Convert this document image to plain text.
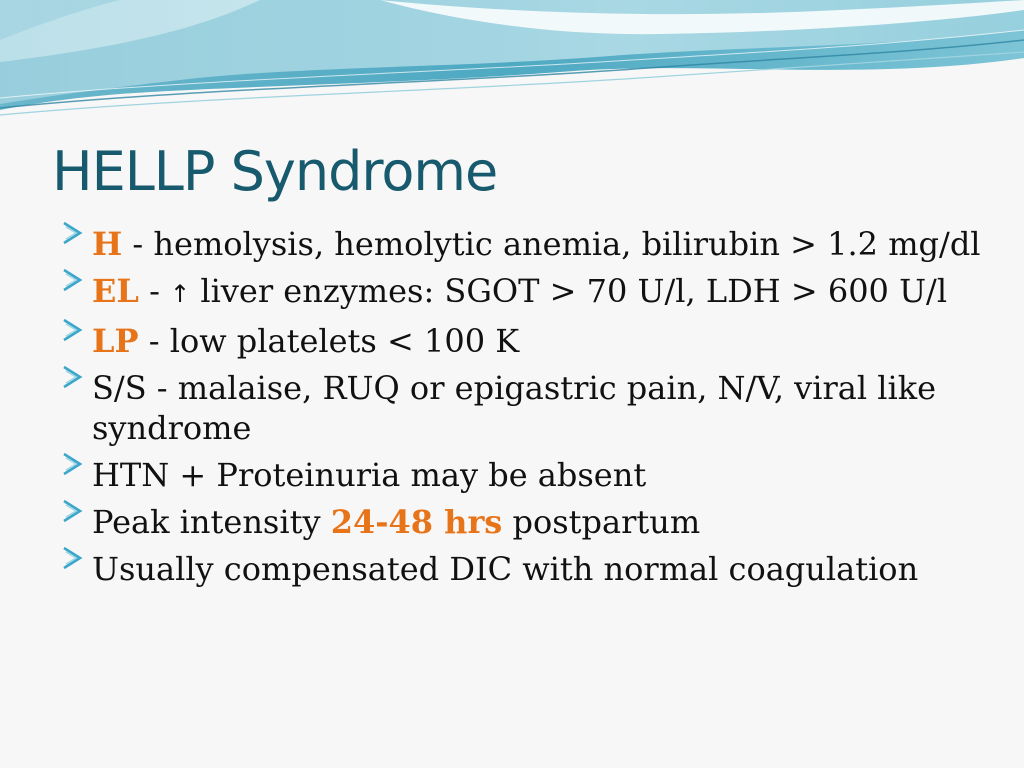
HELLP Syndrome
H - hemolysis, hemolytic anemia, bilirubin > 1.2 mg/dl
EL - ↑ liver enzymes: SGOT > 70 U/l, LDH > 600 U/l
LP - low platelets < 100 K
S/S - malaise, RUQ or epigastric pain, N/V, viral like syndrome
HTN + Proteinuria may be absent
Peak intensity 24-48 hrs postpartum
Usually compensated DIC with normal coagulation
